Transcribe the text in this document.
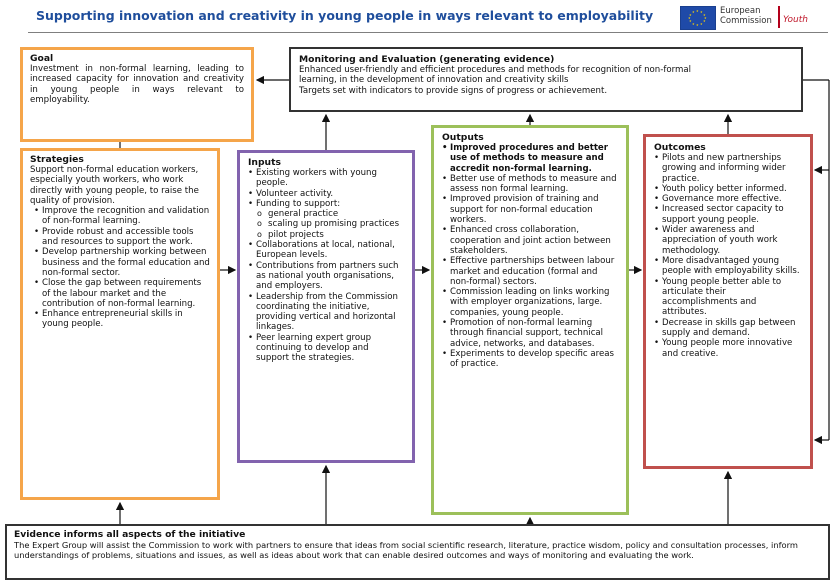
Supporting innovation and creativity in young people in ways relevant to employability	★ ★
★
★
★
★
★
★
★
★
★
★	European
Commission Youth
Goal

Investment in non-formal learning, leading to increased capacity for innovation and creativity in young people in ways relevant to employability.

Monitoring and Evaluation (generating evidence)

Enhanced user-friendly and efficient procedures and methods for recognition of non-formal

learning, in the development of innovation and creativity skills

Targets set with indicators to provide signs of progress or achievement.

Strategies

Support non-formal education workers, especially youth workers, who work directly with young people, to raise the quality of provision.

• Improve the recognition and validation of non-formal learning.
• Provide robust and accessible tools and resources to support the work.
• Develop partnership working between business and the formal education and non-formal sector.
• Close the gap between requirements of the labour market and the contribution of non-formal learning.
• Enhance entrepreneurial skills in young people.
Inputs
• Existing workers with young people.
• Volunteer activity.
• Funding to support:
o general practice
o scaling up promising practices
o pilot projects
• Collaborations at local, national, European levels.
• Contributions from partners such as national youth organisations, and employers.
• Leadership from the Commission coordinating the initiative, providing vertical and horizontal linkages.
• Peer learning expert group continuing to develop and support the strategies.
Outputs
• Improved procedures and better use of methods to measure and accredit non-formal learning.
• Better use of methods to measure and assess non formal learning.
• Improved provision of training and support for non-formal education workers.
• Enhanced cross collaboration, cooperation and joint action between stakeholders.
• Effective partnerships between labour market and education (formal and non-formal) sectors.
• Commission leading on links working with employer organizations, large. companies, young people.
• Promotion of non-formal learning through financial support, technical advice, networks, and databases.
• Experiments to develop specific areas of practice.
Outcomes
• Pilots and new partnerships growing and informing wider practice.
• Youth policy better informed.
• Governance more effective.
• Increased sector capacity to support young people.
• Wider awareness and appreciation of youth work methodology.
• More disadvantaged young people with employability skills.
• Young people better able to articulate their accomplishments and attributes.
• Decrease in skills gap between supply and demand.
• Young people more innovative and creative.
Evidence informs all aspects of the initiative

The Expert Group will assist the Commission to work with partners to ensure that ideas from social scientific research, literature, practice wisdom, policy and consultation processes, inform understandings of problems, situations and issues, as well as ideas about work that can enable desired outcomes and ways of monitoring and evaluating the work.
